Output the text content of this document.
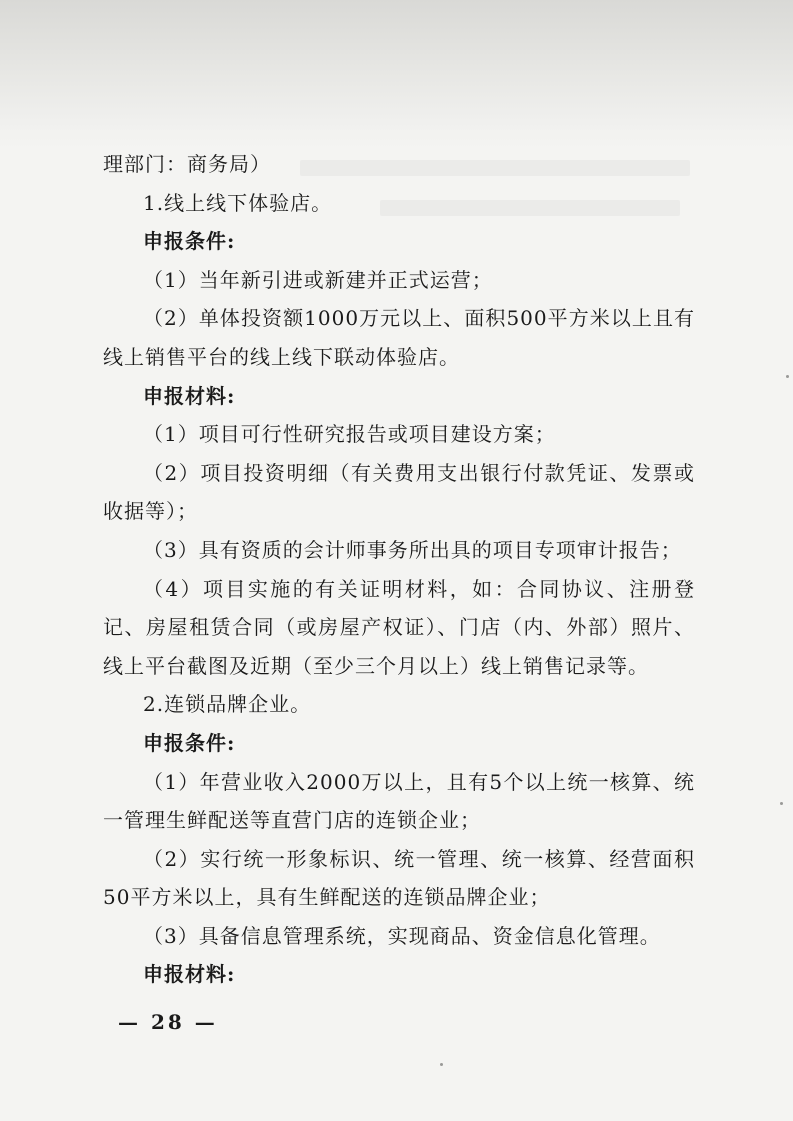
理部门：商务局）

1.线上线下体验店。

申报条件:

（1）当年新引进或新建并正式运营；

（2）单体投资额1000万元以上、面积500平方米以上且有线上销售平台的线上线下联动体验店。

申报材料:

（1）项目可行性研究报告或项目建设方案；

（2）项目投资明细（有关费用支出银行付款凭证、发票或收据等）；

（3）具有资质的会计师事务所出具的项目专项审计报告；

（4）项目实施的有关证明材料，如：合同协议、注册登记、房屋租赁合同（或房屋产权证）、门店（内、外部）照片、线上平台截图及近期（至少三个月以上）线上销售记录等。

2.连锁品牌企业。

申报条件:

（1）年营业收入2000万以上，且有5个以上统一核算、统一管理生鲜配送等直营门店的连锁企业；

（2）实行统一形象标识、统一管理、统一核算、经营面积50平方米以上，具有生鲜配送的连锁品牌企业；

（3）具备信息管理系统，实现商品、资金信息化管理。

申报材料:

— 28 —
